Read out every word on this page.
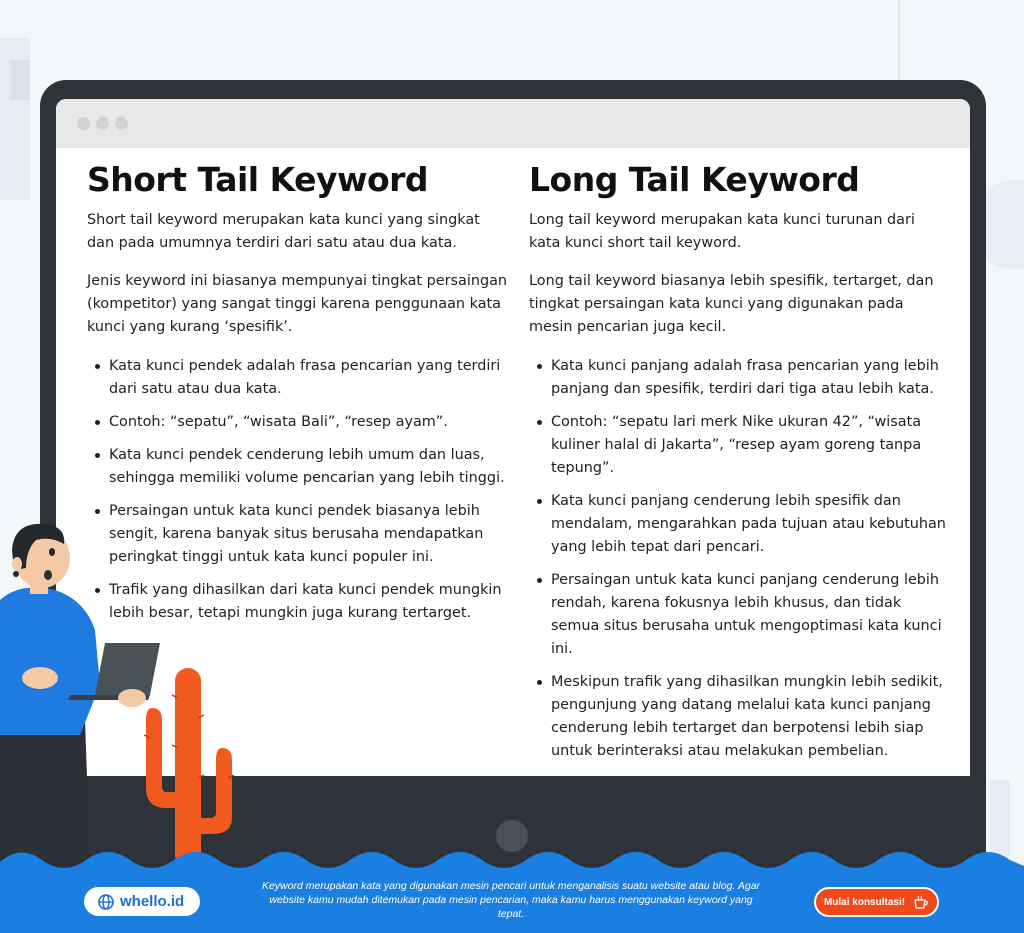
Short Tail Keyword

Short tail keyword merupakan kata kunci yang singkat dan pada umumnya terdiri dari satu atau dua kata.

Jenis keyword ini biasanya mempunyai tingkat persaingan (kompetitor) yang sangat tinggi karena penggunaan kata kunci yang kurang ‘spesifik’.

Kata kunci pendek adalah frasa pencarian yang terdiri dari satu atau dua kata.
Contoh: “sepatu”, “wisata Bali”, “resep ayam”.
Kata kunci pendek cenderung lebih umum dan luas, sehingga memiliki volume pencarian yang lebih tinggi.
Persaingan untuk kata kunci pendek biasanya lebih sengit, karena banyak situs berusaha mendapatkan peringkat tinggi untuk kata kunci populer ini.
Trafik yang dihasilkan dari kata kunci pendek mungkin lebih besar, tetapi mungkin juga kurang tertarget.
Long Tail Keyword

Long tail keyword merupakan kata kunci turunan dari kata kunci short tail keyword.

Long tail keyword biasanya lebih spesifik, tertarget, dan tingkat persaingan kata kunci yang digunakan pada mesin pencarian juga kecil.

Kata kunci panjang adalah frasa pencarian yang lebih panjang dan spesifik, terdiri dari tiga atau lebih kata.
Contoh: “sepatu lari merk Nike ukuran 42”, “wisata kuliner halal di Jakarta”, “resep ayam goreng tanpa tepung”.
Kata kunci panjang cenderung lebih spesifik dan mendalam, mengarahkan pada tujuan atau kebutuhan yang lebih tepat dari pencari.
Persaingan untuk kata kunci panjang cenderung lebih rendah, karena fokusnya lebih khusus, dan tidak semua situs berusaha untuk mengoptimasi kata kunci ini.
Meskipun trafik yang dihasilkan mungkin lebih sedikit, pengunjung yang datang melalui kata kunci panjang cenderung lebih tertarget dan berpotensi lebih siap untuk berinteraksi atau melakukan pembelian.
whello.id

Keyword merupakan kata yang digunakan mesin pencari untuk menganalisis suatu website atau blog. Agar website kamu mudah ditemukan pada mesin pencarian, maka kamu harus menggunakan keyword yang tepat.

Mulai konsultasi!
